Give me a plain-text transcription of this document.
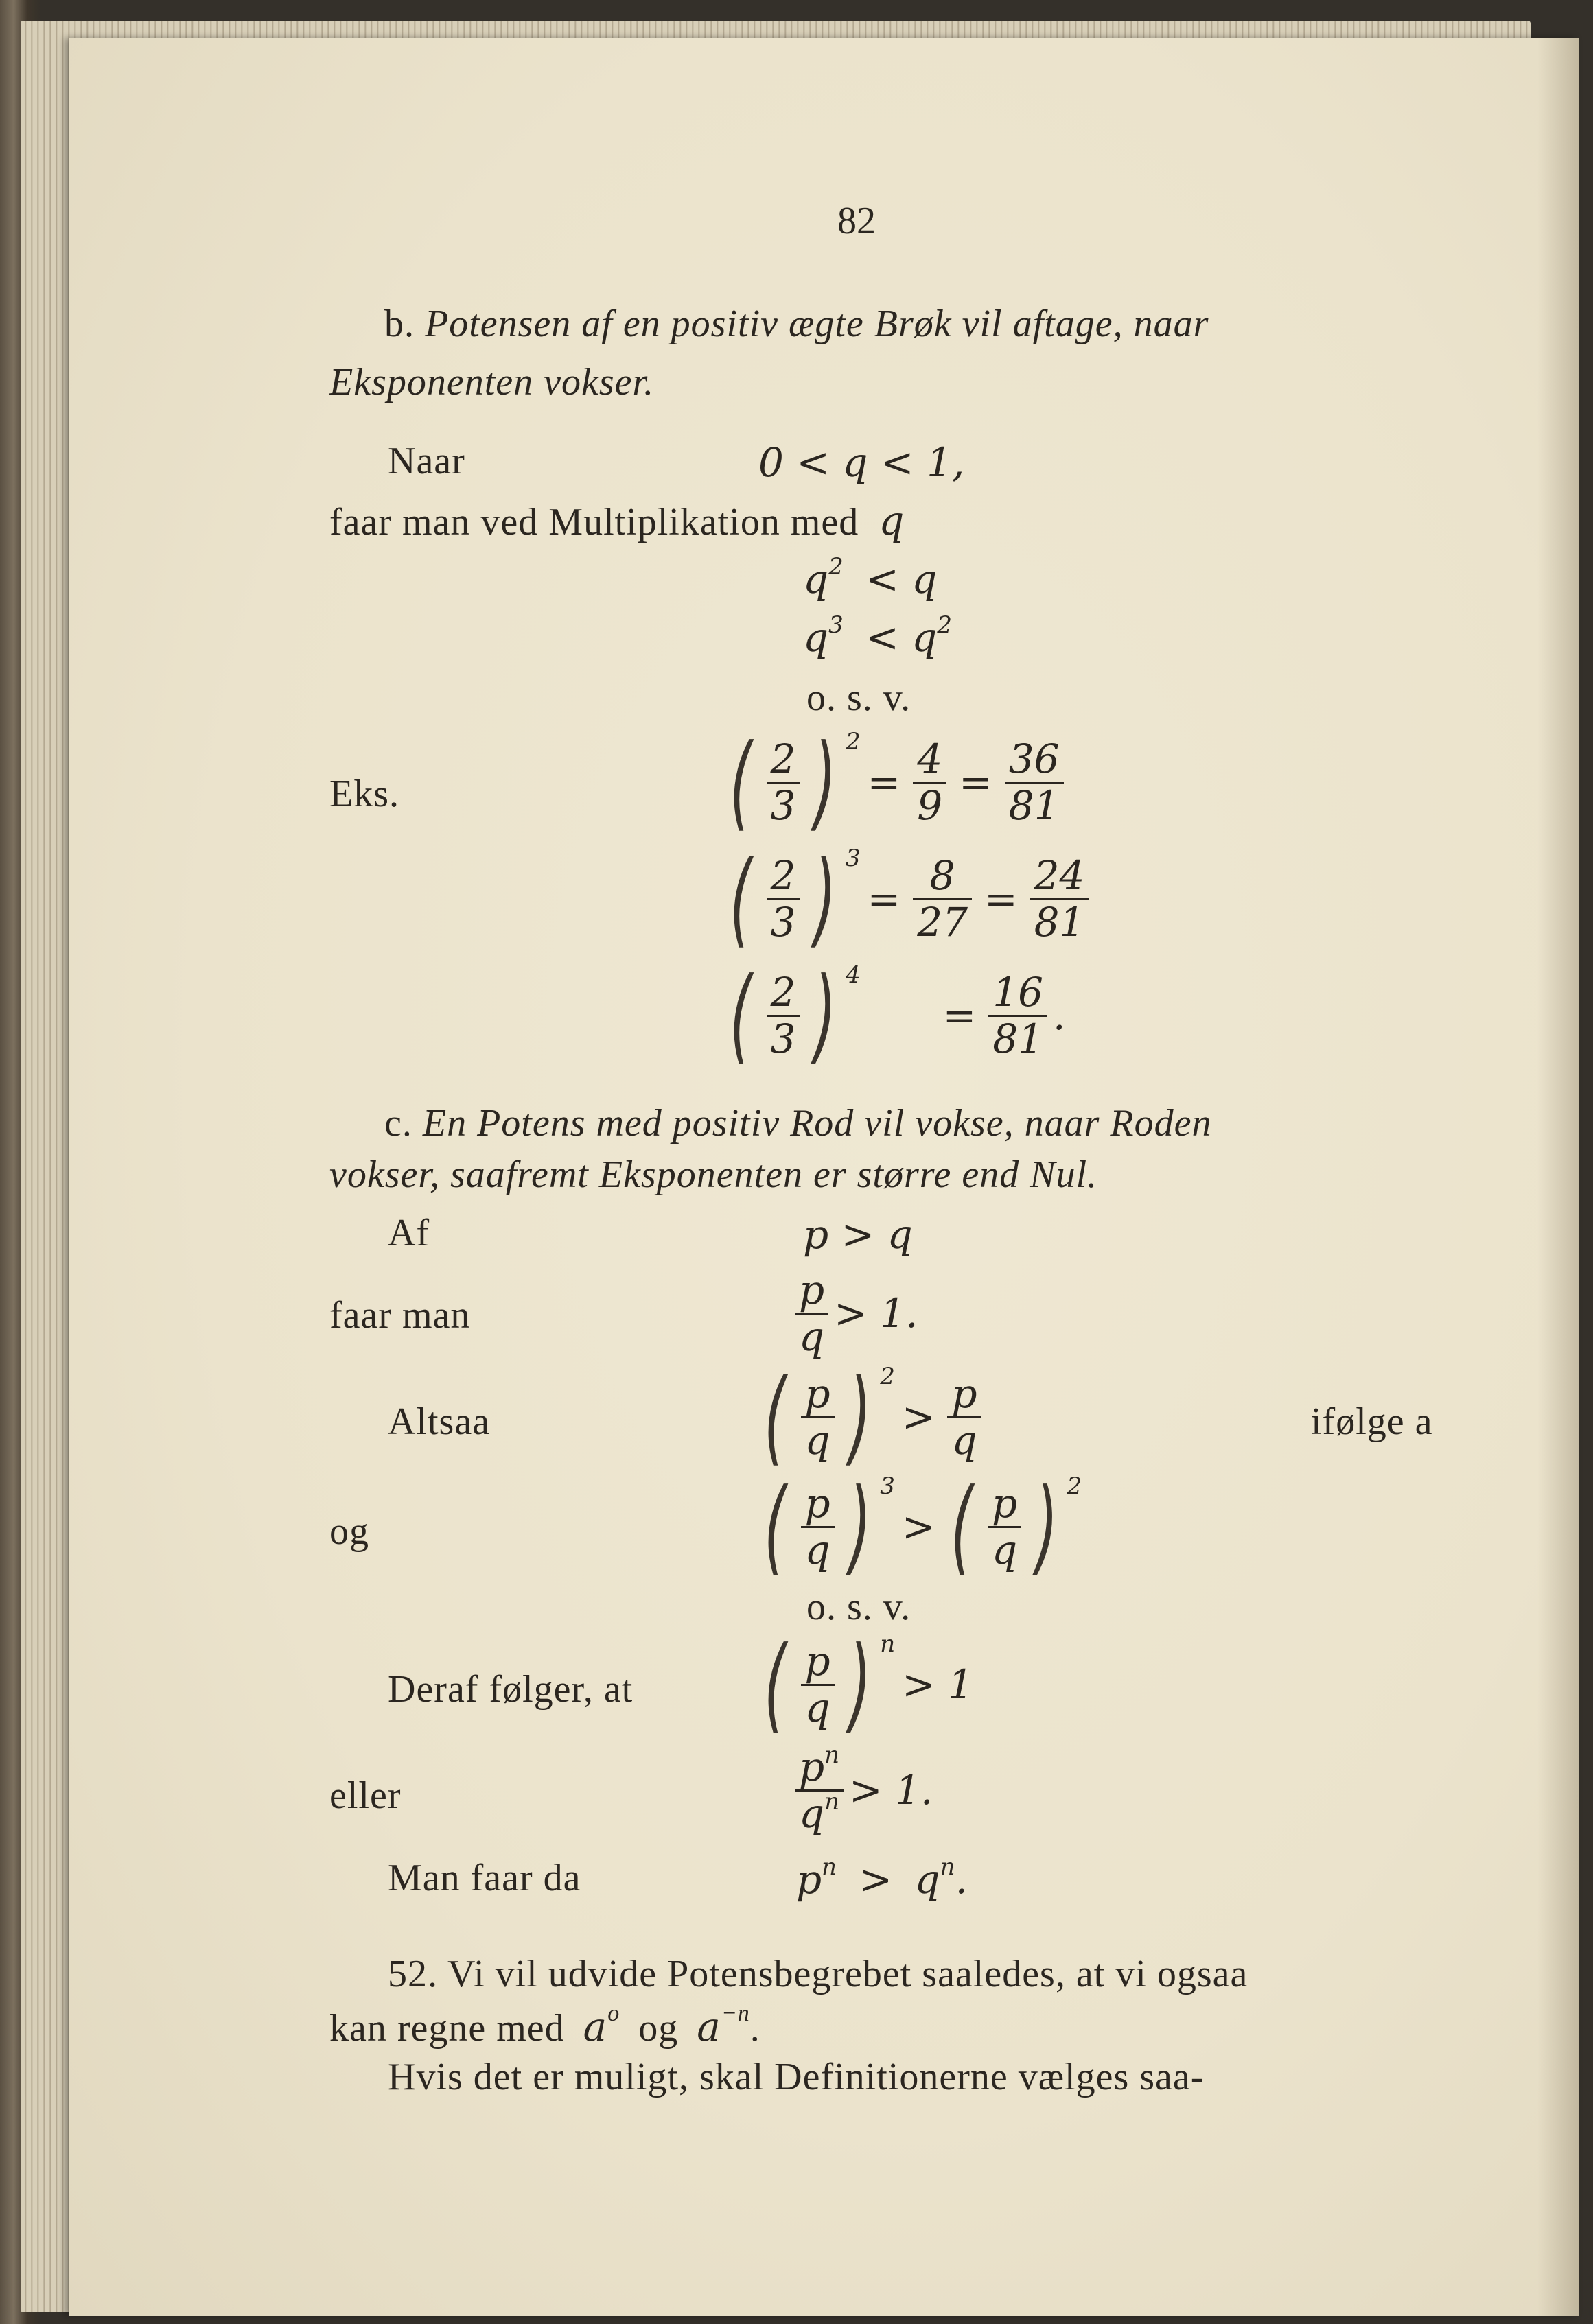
82
b. Potensen af en positiv ægte Brøk vil aftage, naar
Eksponenten vokser.
Naar	0 < q < 1,
faar man ved Multiplikation med q
$q^2 < q$
$q^3 < q^2$
o. s. v.
Eks.	( $\frac{2}{3}$ ) 2
= $\frac{4}{9} = \frac{36}{81}$
( $\frac{2}{3}$ ) 3
= $\frac{8}{27} = \frac{24}{81}$
( $\frac{2}{3}$ ) 4
= $\frac{16}{81}$ .
c. En Potens med positiv Rod vil vokse, naar Roden
vokser, saafremt Eksponenten er større end Nul.
Af	p > q
faar man	$\frac{p}{q} > 1$.
Altsaa	( $\frac{p}{q}$ ) 2
> $\frac{p}{q}$	ifølge a
og	( $\frac{p}{q}$ ) 3
> ( $\frac{p}{q}$ ) 2
o. s. v.
Deraf følger, at ( $\frac{p}{q}$ ) n
> 1
eller	$\frac{p^n}{q^n} > 1$.
Man faar da	$p^n > q^n$.
52. Vi vil udvide Potensbegrebet saaledes, at vi ogsaa
kan regne med $a^o$ og $a^{-n}$.
Hvis det er muligt, skal Definitionerne vælges saa-
